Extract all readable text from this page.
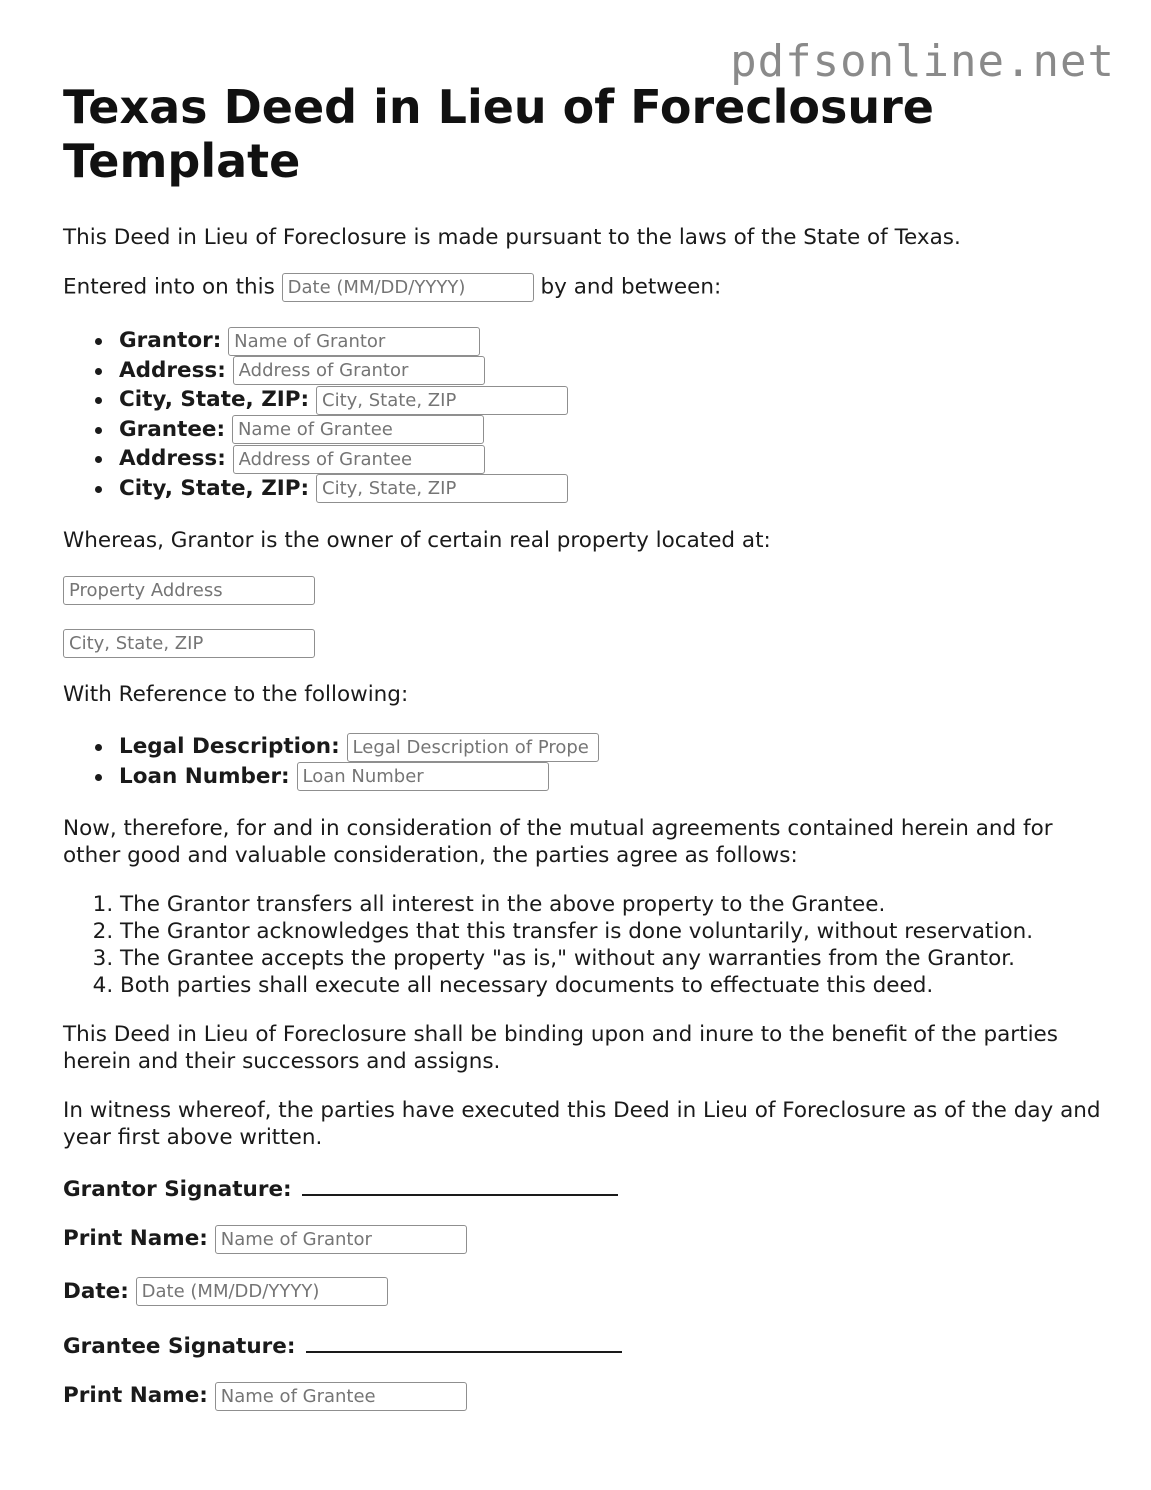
pdfsonline.net
Texas Deed in Lieu of Foreclosure Template

This Deed in Lieu of Foreclosure is made pursuant to the laws of the State of Texas.

Entered into on this Date (MM/DD/YYYY)	by and between:

Grantor: Name of Grantor
Address: Address of Grantor
City, State, ZIP: City, State, ZIP
Grantee: Name of Grantee
Address: Address of Grantee
City, State, ZIP: City, State, ZIP

Whereas, Grantor is the owner of certain real property located at:

Property Address
City, State, ZIP

With Reference to the following:

Legal Description: Legal Description of Prope
Loan Number: Loan Number

Now, therefore, for and in consideration of the mutual agreements contained herein and for other good and valuable consideration, the parties agree as follows:

1. The Grantor transfers all interest in the above property to the Grantee.
2. The Grantor acknowledges that this transfer is done voluntarily, without reservation.
3. The Grantee accepts the property "as is," without any warranties from the Grantor.
4. Both parties shall execute all necessary documents to effectuate this deed.

This Deed in Lieu of Foreclosure shall be binding upon and inure to the benefit of the parties herein and their successors and assigns.

In witness whereof, the parties have executed this Deed in Lieu of Foreclosure as of the day and year first above written.

Grantor Signature:
Print Name: Name of Grantor
Date: Date (MM/DD/YYYY)
Grantee Signature:
Print Name: Name of Grantee
